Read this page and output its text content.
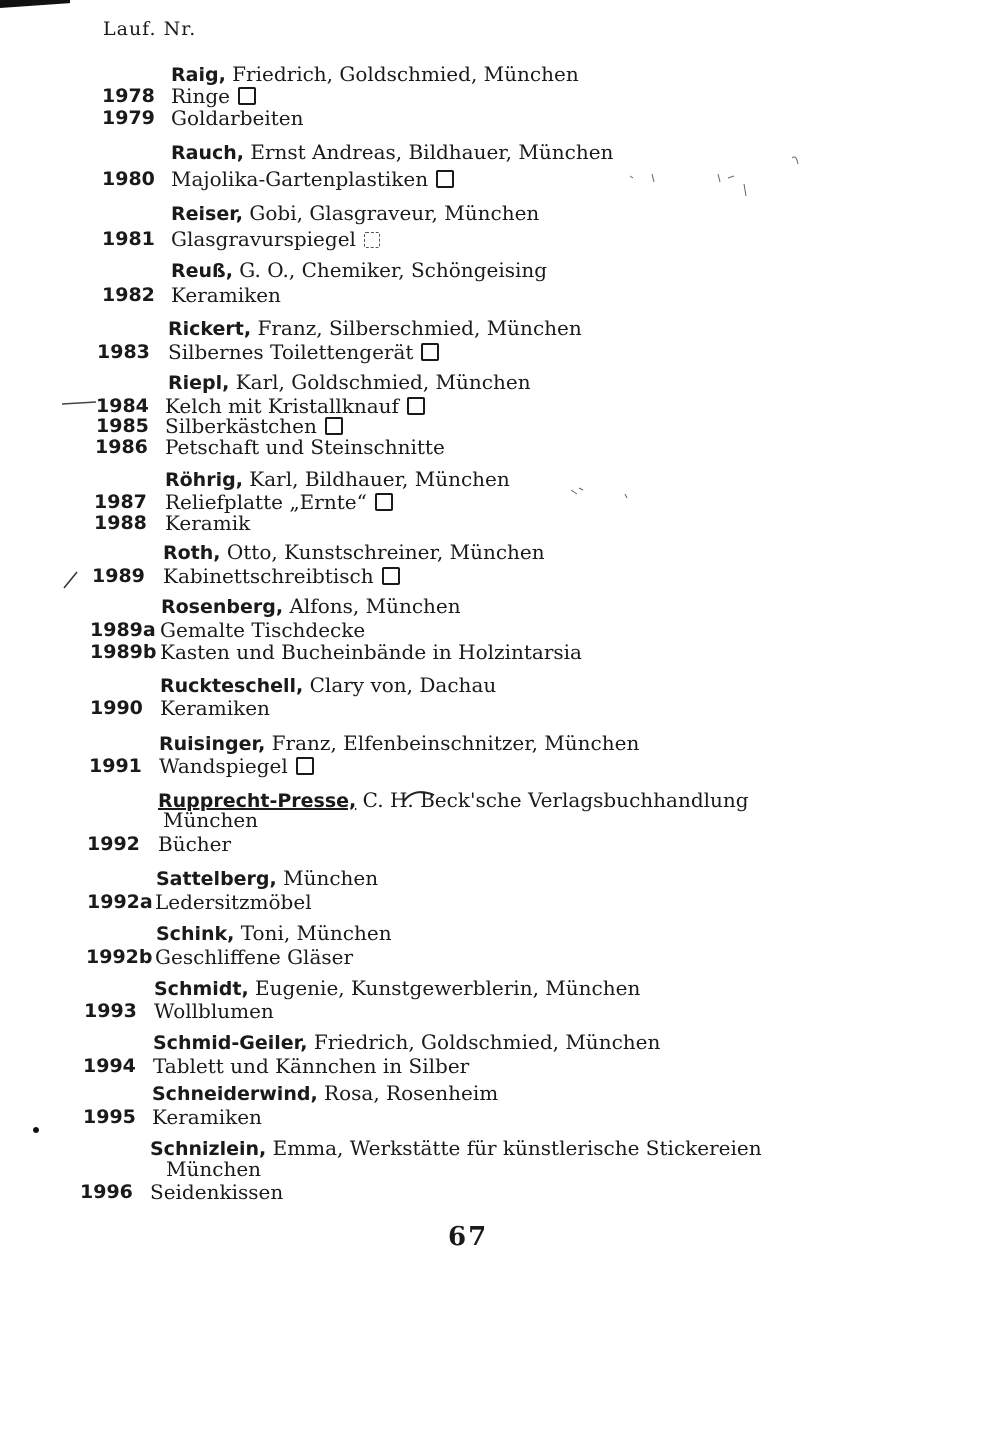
Lauf. Nr.
Raig, Friedrich, Goldschmied, München
1978 Ringe
1979 Goldarbeiten
Rauch, Ernst Andreas, Bildhauer, München
1980 Majolika-Gartenplastiken
Reiser, Gobi, Glasgraveur, München
1981 Glasgravurspiegel
Reuß, G. O., Chemiker, Schöngeising
1982 Keramiken
Rickert, Franz, Silberschmied, München
1983 Silbernes Toilettengerät
Riepl, Karl, Goldschmied, München
1984 Kelch mit Kristallknauf
1985 Silberkästchen
1986 Petschaft und Steinschnitte
Röhrig, Karl, Bildhauer, München
1987 Reliefplatte „Ernte“
1988 Keramik
Roth, Otto, Kunstschreiner, München
1989 Kabinettschreibtisch
Rosenberg, Alfons, München
1989a Gemalte Tischdecke
1989b Kasten und Bucheinbände in Holzintarsia
Ruckteschell, Clary von, Dachau
1990 Keramiken
Ruisinger, Franz, Elfenbeinschnitzer, München
1991 Wandspiegel
Rupprecht-Presse, C. H. Beck'sche Verlagsbuchhandlung
München
1992 Bücher
Sattelberg, München
1992a Ledersitzmöbel
Schink, Toni, München
1992b Geschliffene Gläser
Schmidt, Eugenie, Kunstgewerblerin, München
1993 Wollblumen
Schmid-Geiler, Friedrich, Goldschmied, München
1994 Tablett und Kännchen in Silber
Schneiderwind, Rosa, Rosenheim
1995 Keramiken
Schnizlein, Emma, Werkstätte für künstlerische Stickereien
München
1996 Seidenkissen
67
